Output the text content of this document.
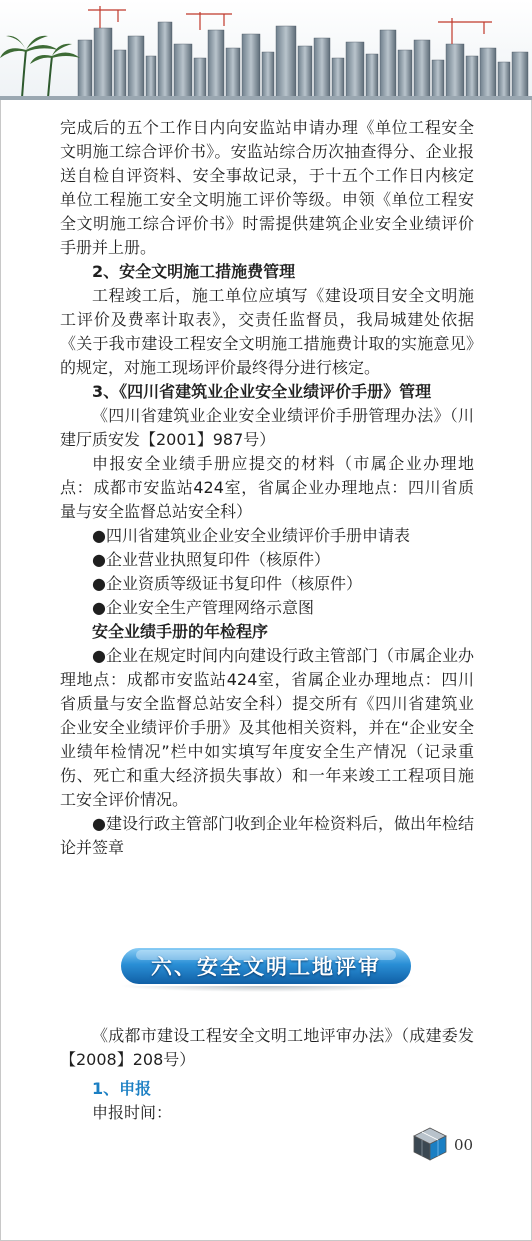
完成后的五个工作日内向安监站申请办理《单位工程安全文明施工综合评价书》。安监站综合历次抽查得分、企业报送自检自评资料、安全事故记录，于十五个工作日内核定单位工程施工安全文明施工评价等级。申领《单位工程安全文明施工综合评价书》时需提供建筑企业安全业绩评价手册并上册。

2、安全文明施工措施费管理

工程竣工后，施工单位应填写《建设项目安全文明施工评价及费率计取表》，交责任监督员，我局城建处依据《关于我市建设工程安全文明施工措施费计取的实施意见》的规定，对施工现场评价最终得分进行核定。

3、《四川省建筑业企业安全业绩评价手册》管理

《四川省建筑业企业安全业绩评价手册管理办法》（川建厅质安发【2001】987号）

申报安全业绩手册应提交的材料（市属企业办理地点：成都市安监站424室，省属企业办理地点：四川省质量与安全监督总站安全科）

●四川省建筑业企业安全业绩评价手册申请表

●企业营业执照复印件（核原件）

●企业资质等级证书复印件（核原件）

●企业安全生产管理网络示意图

安全业绩手册的年检程序

●企业在规定时间内向建设行政主管部门（市属企业办理地点：成都市安监站424室，省属企业办理地点：四川省质量与安全监督总站安全科）提交所有《四川省建筑业企业安全业绩评价手册》及其他相关资料，并在“企业安全业绩年检情况”栏中如实填写年度安全生产情况（记录重伤、死亡和重大经济损失事故）和一年来竣工工程项目施工安全评价情况。

●建设行政主管部门收到企业年检资料后，做出年检结论并签章

六、安全文明工地评审

《成都市建设工程安全文明工地评审办法》（成建委发【2008】208号）

1、申报

申报时间：

00
